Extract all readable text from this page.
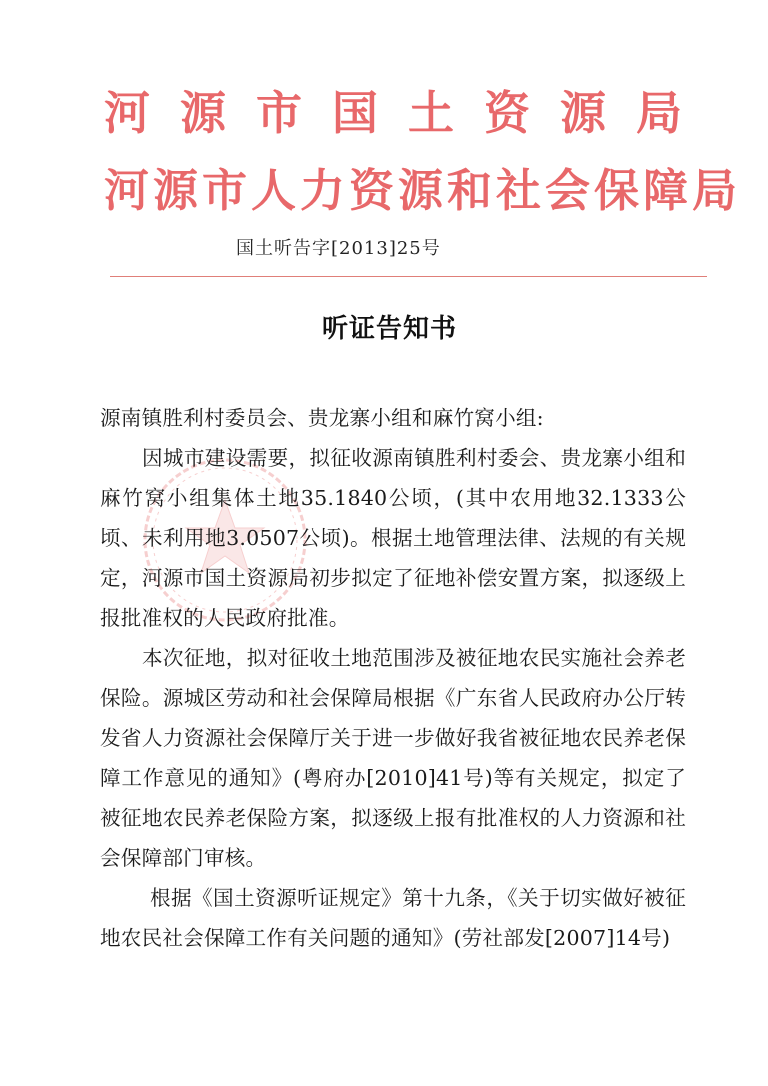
河源市国土资源局
河源市人力资源和社会保障局
国土听告字[2013]25号
听证告知书

源南镇胜利村委员会、贵龙寨小组和麻竹窝小组:

因城市建设需要，拟征收源南镇胜利村委会、贵龙寨小组和麻竹窝小组集体土地35.1840公顷，(其中农用地32.1333公顷、未利用地3.0507公顷)。根据土地管理法律、法规的有关规定，河源市国土资源局初步拟定了征地补偿安置方案，拟逐级上报批准权的人民政府批准。

本次征地，拟对征收土地范围涉及被征地农民实施社会养老保险。源城区劳动和社会保障局根据《广东省人民政府办公厅转发省人力资源社会保障厅关于进一步做好我省被征地农民养老保障工作意见的通知》(粤府办[2010]41号)等有关规定，拟定了被征地农民养老保险方案，拟逐级上报有批准权的人力资源和社会保障部门审核。

根据《国土资源听证规定》第十九条，《关于切实做好被征地农民社会保障工作有关问题的通知》(劳社部发[2007]14号)
